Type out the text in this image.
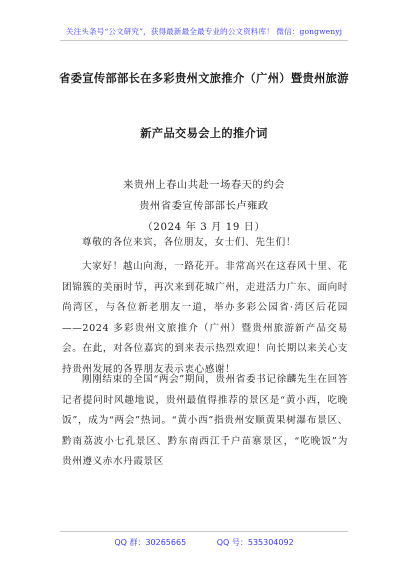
关注头条号“公文研究”，获得最新最全最专业的公文资料库！ 微信：gongwenyj
省委宣传部部长在多彩贵州文旅推介（广州）暨贵州旅游
新产品交易会上的推介词
来贵州上春山共赴一场春天的约会
贵州省委宣传部部长卢雍政
（2024 年 3 月 19 日）
尊敬的各位来宾，各位朋友，女士们、先生们！
大家好！越山向海，一路花开。非常高兴在这春风十里、花团锦簇的美丽时节，再次来到花城广州，走进活力广东、面向时尚湾区，与各位新老朋友一道，举办多彩公园省·湾区后花园——2024 多彩贵州文旅推介（广州）暨贵州旅游新产品交易会。在此，对各位嘉宾的到来表示热烈欢迎！向长期以来关心支持贵州发展的各界朋友表示衷心感谢！
刚刚结束的全国“两会”期间，贵州省委书记徐麟先生在回答记者提问时风趣地说，贵州最值得推荐的景区是“黄小西，吃晚饭”，成为“两会”热词。“黄小西”指贵州安顺黄果树瀑布景区、黔南荔波小七孔景区、黔东南西江千户苗寨景区，“吃晚饭”为贵州遵义赤水丹霞景区
QQ 群：30265665	QQ 号：535304092
